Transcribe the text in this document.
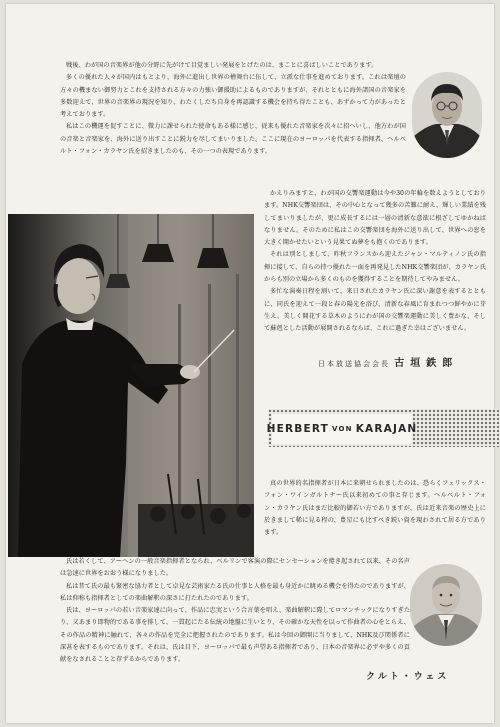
戦後、わが国の音楽界が他の分野に先がけて目覚ましい発展をとげたのは、まことに喜ばしいことであります。

多くの優れた人々が国内はもとより、海外に進出し世界の檜舞台に伍して、立派な仕事を進めております。これは楽壇の方々の機まない御努力とこれを支持される方々の力強い御援助によるものでありますが、それとともに海外諸国の音楽家を多数迎えて、世界の音楽界の現況を知り、わたくしたち自身を再認識する機会を持ち得たことも、あずかって力があったと考えております。

私はこの機運を促すことに、微力に課せられた使命もある様に感じ、従来も優れた音楽家を次々に招へいし、他方わが国の音楽と音楽家を、海外に送り出すことに鋭力を尽してまいりました。ここに現在のヨーロッパを代表する指揮者、ヘルベルト・フォン・カラヤン氏を招きましたのも、その一つの表現であります。

かえりみますと、わが国の交響楽運動は今や30の年輪を数えようとしております。NHK交響楽団は、その中心となって幾多の苦難に耐え、輝しい業績を残してまいりましたが、更に成長するには一層の清新な意欲に根ざしてゆかねばなりません。そのために私はこの交響楽団を海外に送り出して、世界への窓を大きく開かせたいという見果てぬ夢をも抱くのであります。

それは別としまして、昨秋フランスから迎えたジャン・マルティノン氏の指揮に接して、自らの持つ優れた一面を再発見したNHK交響楽団が、カラヤン氏からも別の立場から多くのものを獲得することを期待してやみません。

多忙な演奏日程を割いて、来日されたカラヤン氏に深い謝意を表するとともに、同氏を迎えて一段と春の陽光を浴び、清新な春風に育まれつつ鮮やかに芽生え、美しく開花する草木のようにわが国の交響楽運動に美しく豊かな、そして蘇剋とした活動が展開されるならば、これに過ぎた幸はございません。

日本放送協会会長 古垣鉄郎
HERBERT VON KARAJAN

真の世界的名指揮者が日本に来朝せられましたのは、恐らくフェリックス・フォン・ワインガルトナー氏以来初めての事と存じます。ヘルベルト・フォン・カラヤン氏はまだ比較的御若い方でありますが、氏は近来音楽の歴史上に於きまして稀に見る程の、豊星にも比すべき鋭い資を現わされて居る方であります。

氏は若くして、アーヘンの一般音楽指揮者となられ、ベルリンで客演の際にセンセーションを捲き起されて以来、その名声は急速に世界をおおう様になりました。

私は昔て氏の最も緊密な協力者として卓見な芸術家たる氏の仕事と人格を最も身近かに眺める機会を得たのでありますが、私は仰称も指揮者としての楽曲解釈の深さに打たれたのであります。

氏は、ヨーロッパの若い音楽家達に向って、作品に忠実という合言葉を唱え、楽曲解釈に際してロマンチックになりすぎたり、又あまり即物的である事を排して、一貫起にたる伝統の地盤に生いとり、その確かな天性を以って作曲者の心をとらえ、その作品の精神に触れて、各々の作品を完全に把握されたのであります。私は今回の御開に当りまして、NHK及び関係者に深甚を表するものであります。それは、氏は目下、ヨーロッパで最も声望ある指揮者であり、日本の音楽界に必ずや多くの貢献をなされることと存ずるからであります。

クルト・ウェス
